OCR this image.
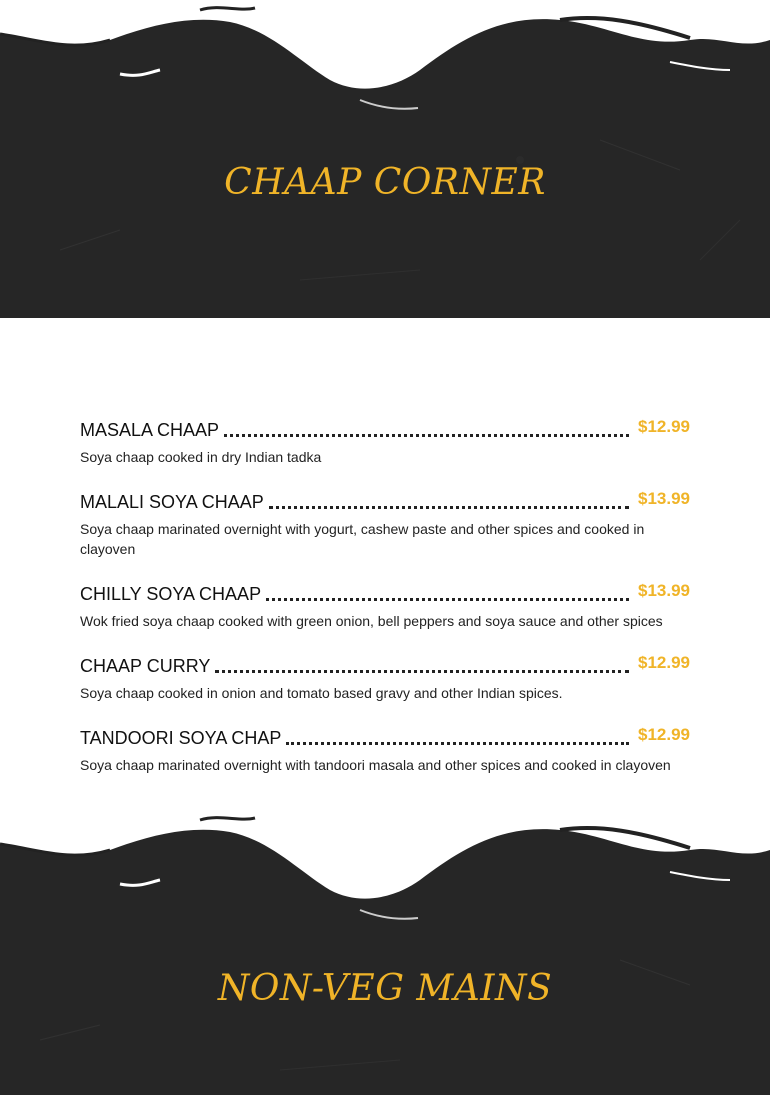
CHAAP CORNER
MASALA CHAAP	$12.99
Soya chaap cooked in dry Indian tadka
MALALI SOYA CHAAP	$13.99
Soya chaap marinated overnight with yogurt, cashew paste and other spices and cooked in clayoven
CHILLY SOYA CHAAP	$13.99
Wok fried soya chaap cooked with green onion, bell peppers and soya sauce and other spices
CHAAP CURRY	$12.99
Soya chaap cooked in onion and tomato based gravy and other Indian spices.
TANDOORI SOYA CHAP	$12.99
Soya chaap marinated overnight with tandoori masala and other spices and cooked in clayoven
NON-VEG MAINS
